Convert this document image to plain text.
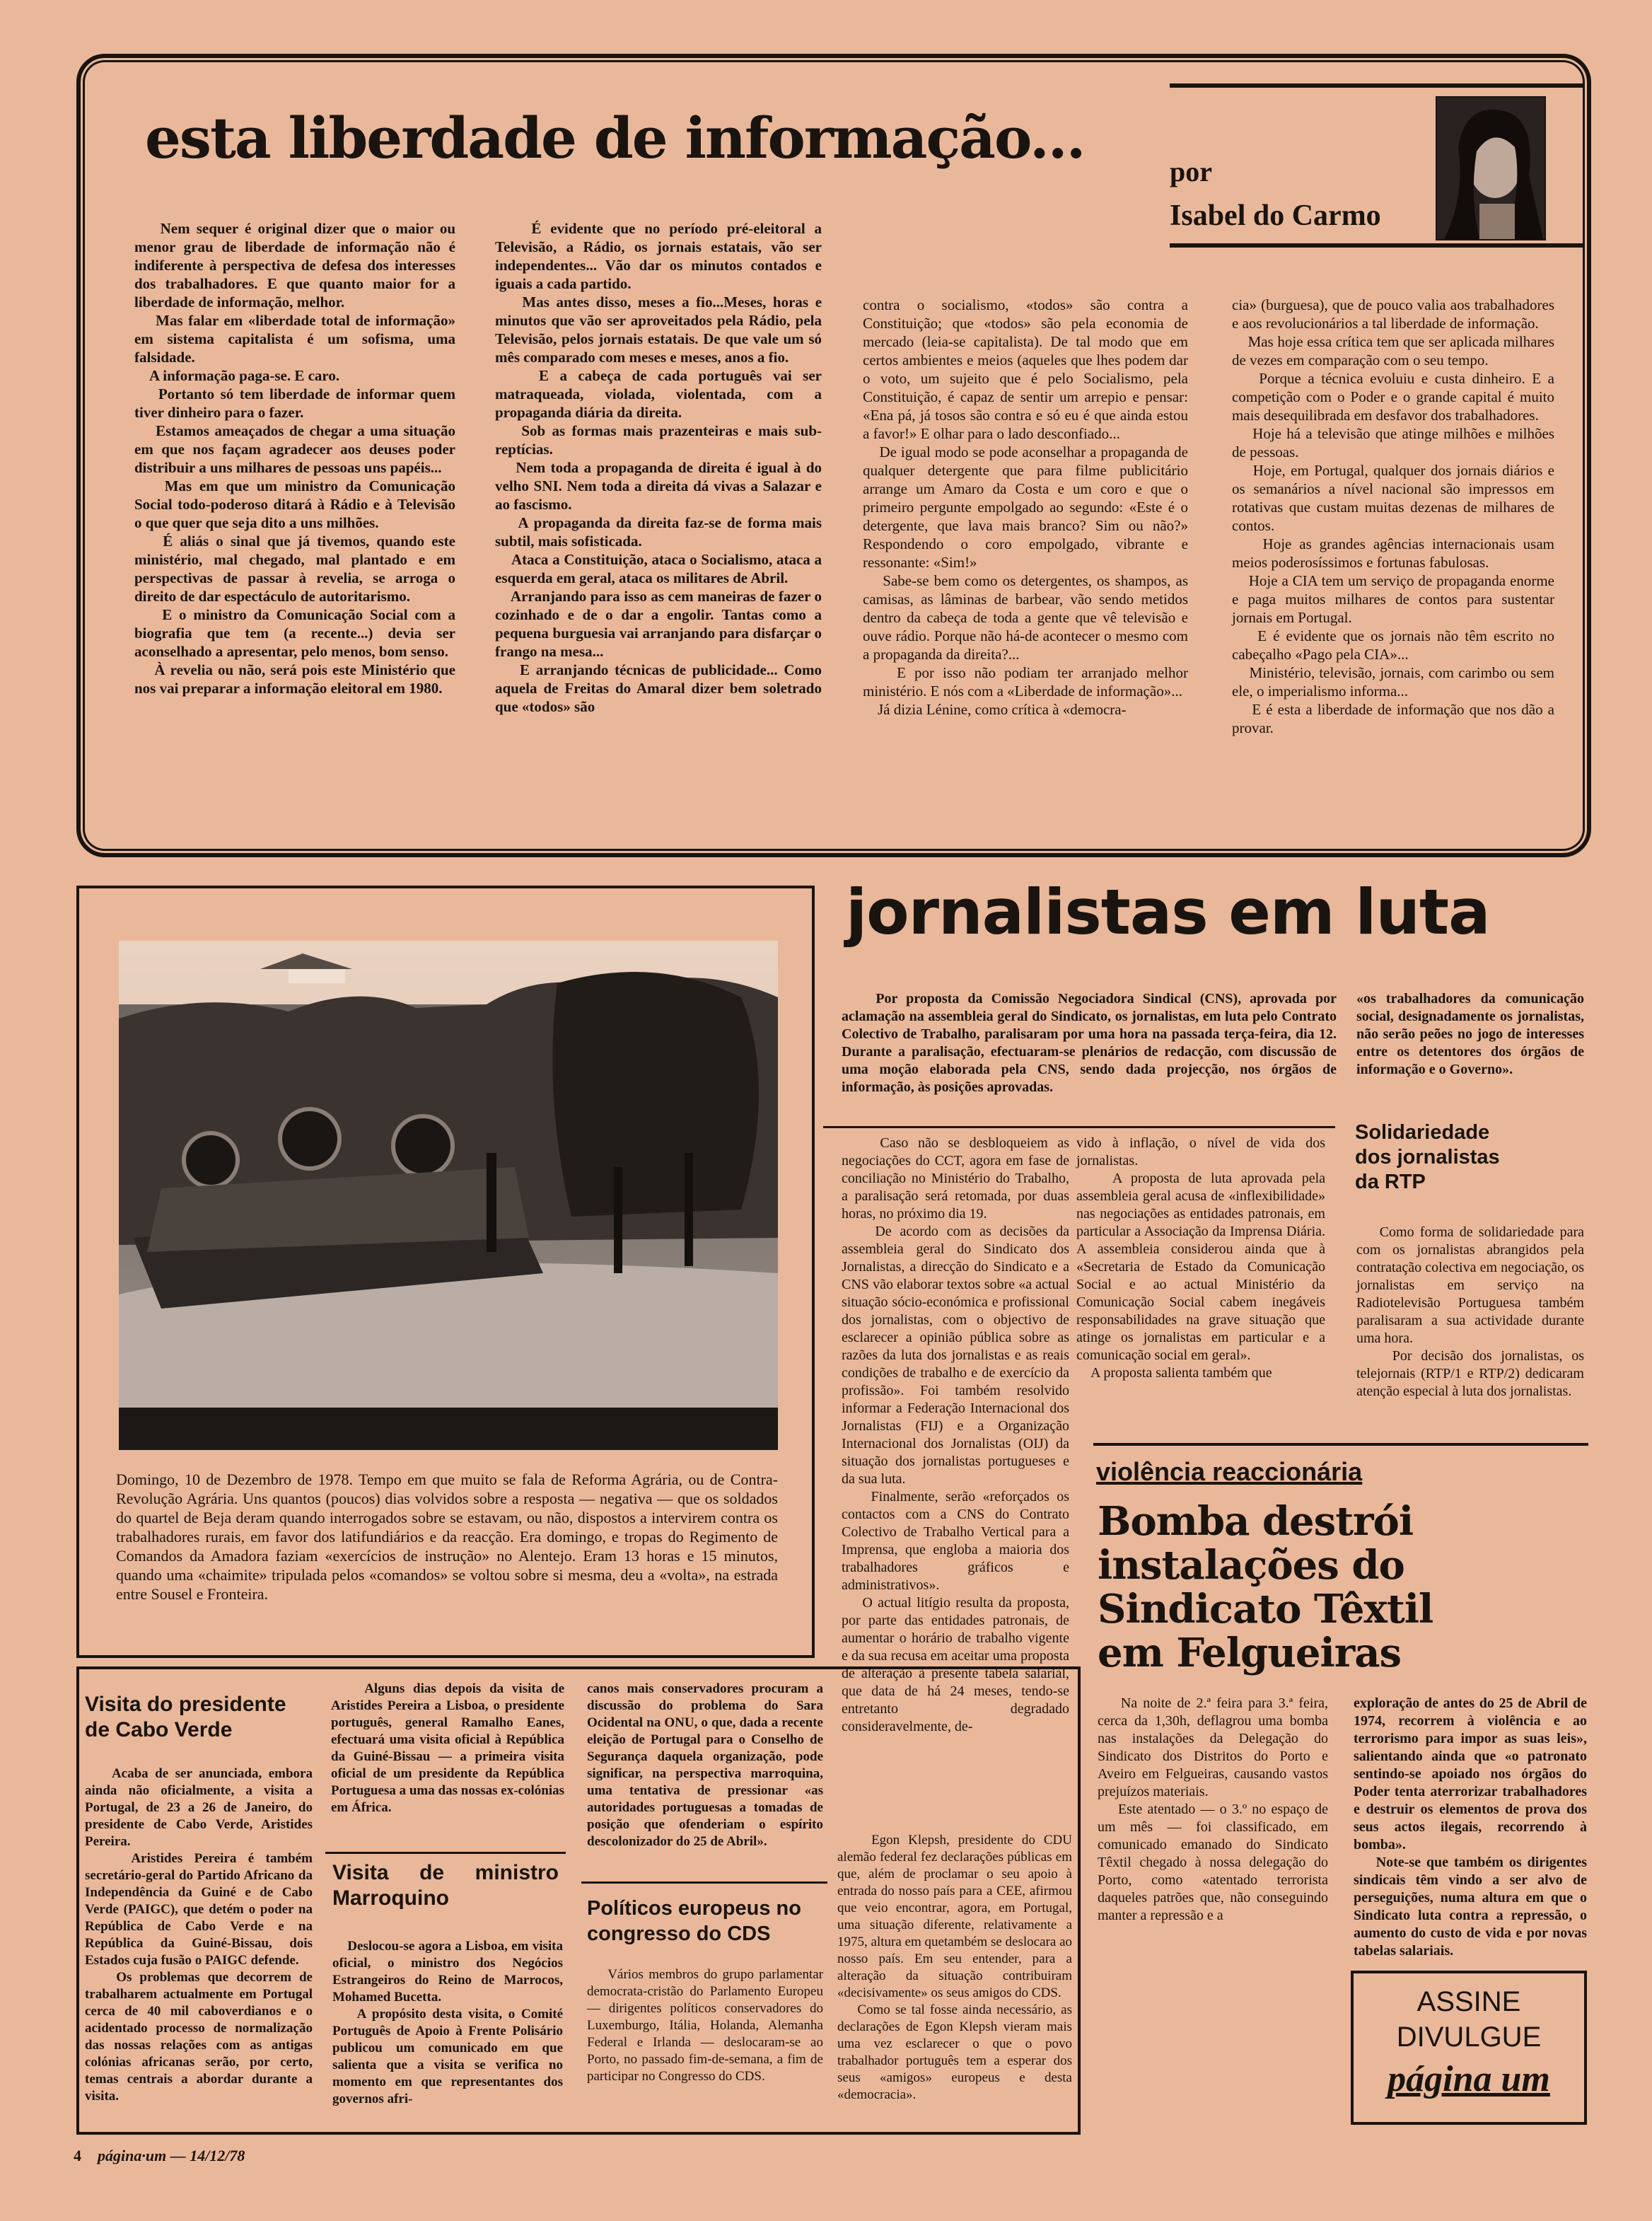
esta liberdade de informação...
por
Isabel do Carmo
Nem sequer é original dizer que o maior ou menor grau de liberdade de informação não é indiferente à perspectiva de defesa dos interesses dos trabalhadores. E que quanto maior for a liberdade de informação, melhor.
Mas falar em «liberdade total de informação» em sistema capitalista é um sofisma, uma falsidade.
A informação paga-se. E caro.
Portanto só tem liberdade de informar quem tiver dinheiro para o fazer.
Estamos ameaçados de chegar a uma situação em que nos façam agradecer aos deuses poder distribuir a uns milhares de pessoas uns papéis...
Mas em que um ministro da Comunicação Social todo-poderoso ditará à Rádio e à Televisão o que quer que seja dito a uns milhões.
É aliás o sinal que já tivemos, quando este ministério, mal chegado, mal plantado e em perspectivas de passar à revelia, se arroga o direito de dar espectáculo de autoritarismo.
E o ministro da Comunicação Social com a biografia que tem (a recente...) devia ser aconselhado a apresentar, pelo menos, bom senso.
À revelia ou não, será pois este Ministério que nos vai preparar a informação eleitoral em 1980.
É evidente que no período pré-eleitoral a Televisão, a Rádio, os jornais estatais, vão ser independentes... Vão dar os minutos contados e iguais a cada partido.
Mas antes disso, meses a fio...Meses, horas e minutos que vão ser aproveitados pela Rádio, pela Televisão, pelos jornais estatais. De que vale um só mês comparado com meses e meses, anos a fio.
E a cabeça de cada português vai ser matraqueada, violada, violentada, com a propaganda diária da direita.
Sob as formas mais prazenteiras e mais sub-reptícias.
Nem toda a propaganda de direita é igual à do velho SNI. Nem toda a direita dá vivas a Salazar e ao fascismo.
A propaganda da direita faz-se de forma mais subtil, mais sofisticada.
Ataca a Constituição, ataca o Socialismo, ataca a esquerda em geral, ataca os militares de Abril.
Arranjando para isso as cem maneiras de fazer o cozinhado e de o dar a engolir. Tantas como a pequena burguesia vai arranjando para disfarçar o frango na mesa...
E arranjando técnicas de publicidade... Como aquela de Freitas do Amaral dizer bem soletrado que «todos» são
contra o socialismo, «todos» são contra a Constituição; que «todos» são pela economia de mercado (leia-se capitalista). De tal modo que em certos ambientes e meios (aqueles que lhes podem dar o voto, um sujeito que é pelo Socialismo, pela Constituição, é capaz de sentir um arrepio e pensar: «Ena pá, já tosos são contra e só eu é que ainda estou a favor!» E olhar para o lado desconfiado...
De igual modo se pode aconselhar a propaganda de qualquer detergente que para filme publicitário arrange um Amaro da Costa e um coro e que o primeiro pergunte empolgado ao segundo: «Este é o detergente, que lava mais branco? Sim ou não?» Respondendo o coro empolgado, vibrante e ressonante: «Sim!»
Sabe-se bem como os detergentes, os shampos, as camisas, as lâminas de barbear, vão sendo metidos dentro da cabeça de toda a gente que vê televisão e ouve rádio. Porque não há-de acontecer o mesmo com a propaganda da direita?...
E por isso não podiam ter arranjado melhor ministério. E nós com a «Liberdade de informação»...
Já dizia Lénine, como crítica à «democra-
cia» (burguesa), que de pouco valia aos trabalhadores e aos revolucionários a tal liberdade de informação.
Mas hoje essa crítica tem que ser aplicada milhares de vezes em comparação com o seu tempo.
Porque a técnica evoluiu e custa dinheiro. E a competição com o Poder e o grande capital é muito mais desequilibrada em desfavor dos trabalhadores.
Hoje há a televisão que atinge milhões e milhões de pessoas.
Hoje, em Portugal, qualquer dos jornais diários e os semanários a nível nacional são impressos em rotativas que custam muitas dezenas de milhares de contos.
Hoje as grandes agências internacionais usam meios poderosíssimos e fortunas fabulosas.
Hoje a CIA tem um serviço de propaganda enorme e paga muitos milhares de contos para sustentar jornais em Portugal.
E é evidente que os jornais não têm escrito no cabeçalho «Pago pela CIA»...
Ministério, televisão, jornais, com carimbo ou sem ele, o imperialismo informa...
E é esta a liberdade de informação que nos dão a provar.
Domingo, 10 de Dezembro de 1978. Tempo em que muito se fala de Reforma Agrária, ou de Contra-Revolução Agrária. Uns quantos (poucos) dias volvidos sobre a resposta — negativa — que os soldados do quartel de Beja deram quando interrogados sobre se estavam, ou não, dispostos a intervirem contra os trabalhadores rurais, em favor dos latifundiários e da reacção. Era domingo, e tropas do Regimento de Comandos da Amadora faziam «exercícios de instrução» no Alentejo. Eram 13 horas e 15 minutos, quando uma «chaimite» tripulada pelos «comandos» se voltou sobre si mesma, deu a «volta», na estrada entre Sousel e Fronteira.
jornalistas em luta
Por proposta da Comissão Negociadora Sindical (CNS), aprovada por aclamação na assembleia geral do Sindicato, os jornalistas, em luta pelo Contrato Colectivo de Trabalho, paralisaram por uma hora na passada terça-feira, dia 12. Durante a paralisação, efectuaram-se plenários de redacção, com discussão de uma moção elaborada pela CNS, sendo dada projecção, nos órgãos de informação, às posições aprovadas.
Caso não se desbloqueiem as negociações do CCT, agora em fase de conciliação no Ministério do Trabalho, a paralisação será retomada, por duas horas, no próximo dia 19.
De acordo com as decisões da assembleia geral do Sindicato dos Jornalistas, a direcção do Sindicato e a CNS vão elaborar textos sobre «a actual situação sócio-económica e profissional dos jornalistas, com o objectivo de esclarecer a opinião pública sobre as razões da luta dos jornalistas e as reais condições de trabalho e de exercício da profissão». Foi também resolvido informar a Federação Internacional dos Jornalistas (FIJ) e a Organização Internacional dos Jornalistas (OIJ) da situação dos jornalistas portugueses e da sua luta.
Finalmente, serão «reforçados os contactos com a CNS do Contrato Colectivo de Trabalho Vertical para a Imprensa, que engloba a maioria dos trabalhadores gráficos e administrativos».
O actual litígio resulta da proposta, por parte das entidades patronais, de aumentar o horário de trabalho vigente e da sua recusa em aceitar uma proposta de alteração à presente tabela salarial, que data de há 24 meses, tendo-se entretanto degradado consideravelmente, de-
vido à inflação, o nível de vida dos jornalistas.
A proposta de luta aprovada pela assembleia geral acusa de «inflexibilidade» nas negociações as entidades patronais, em particular a Associação da Imprensa Diária. A assembleia considerou ainda que à «Secretaria de Estado da Comunicação Social e ao actual Ministério da Comunicação Social cabem inegáveis responsabilidades na grave situação que atinge os jornalistas em particular e a comunicação social em geral».
A proposta salienta também que
«os trabalhadores da comunicação social, designadamente os jornalistas, não serão peões no jogo de interesses entre os detentores dos órgãos de informação e o Governo».
Solidariedade dos jornalistas da RTP
Como forma de solidariedade para com os jornalistas abrangidos pela contratação colectiva em negociação, os jornalistas em serviço na Radiotelevisão Portuguesa também paralisaram a sua actividade durante uma hora.
Por decisão dos jornalistas, os telejornais (RTP/1 e RTP/2) dedicaram atenção especial à luta dos jornalistas.
violência reaccionária
Bomba destrói instalações do Sindicato Têxtil em Felgueiras
Na noite de 2.ª feira para 3.ª feira, cerca da 1,30h, deflagrou uma bomba nas instalações da Delegação do Sindicato dos Distritos do Porto e Aveiro em Felgueiras, causando vastos prejuízos materiais.
Este atentado — o 3.º no espaço de um mês — foi classificado, em comunicado emanado do Sindicato Têxtil chegado à nossa delegação do Porto, como «atentado terrorista daqueles patrões que, não conseguindo manter a repressão e a
exploração de antes do 25 de Abril de 1974, recorrem à violência e ao terrorismo para impor as suas leis», salientando ainda que «o patronato sentindo-se apoiado nos órgãos do Poder tenta aterrorizar trabalhadores e destruir os elementos de prova dos seus actos ilegais, recorrendo à bomba».
Note-se que também os dirigentes sindicais têm vindo a ser alvo de perseguições, numa altura em que o Sindicato luta contra a repressão, o aumento do custo de vida e por novas tabelas salariais.
Visita do presidente de Cabo Verde
Acaba de ser anunciada, embora ainda não oficialmente, a visita a Portugal, de 23 a 26 de Janeiro, do presidente de Cabo Verde, Aristides Pereira.
Aristides Pereira é também secretário-geral do Partido Africano da Independência da Guiné e de Cabo Verde (PAIGC), que detém o poder na República de Cabo Verde e na República da Guiné-Bissau, dois Estados cuja fusão o PAIGC defende.
Os problemas que decorrem de trabalharem actualmente em Portugal cerca de 40 mil caboverdianos e o acidentado processo de normalização das nossas relações com as antigas colónias africanas serão, por certo, temas centrais a abordar durante a visita.
Alguns dias depois da visita de Aristides Pereira a Lisboa, o presidente português, general Ramalho Eanes, efectuará uma visita oficial à República da Guiné-Bissau — a primeira visita oficial de um presidente da República Portuguesa a uma das nossas ex-colónias em África.
Visita de ministro Marroquino
Deslocou-se agora a Lisboa, em visita oficial, o ministro dos Negócios Estrangeiros do Reino de Marrocos, Mohamed Bucetta.
A propósito desta visita, o Comité Português de Apoio à Frente Polisário publicou um comunicado em que salienta que a visita se verifica no momento em que representantes dos governos afri-
canos mais conservadores procuram a discussão do problema do Sara Ocidental na ONU, o que, dada a recente eleição de Portugal para o Conselho de Segurança daquela organização, pode significar, na perspectiva marroquina, uma tentativa de pressionar «as autoridades portuguesas a tomadas de posição que ofenderiam o espírito descolonizador do 25 de Abril».
Políticos europeus no congresso do CDS
Vários membros do grupo parlamentar democrata-cristão do Parlamento Europeu — dirigentes políticos conservadores do Luxemburgo, Itália, Holanda, Alemanha Federal e Irlanda — deslocaram-se ao Porto, no passado fim-de-semana, a fim de participar no Congresso do CDS.
Egon Klepsh, presidente do CDU alemão federal fez declarações públicas em que, além de proclamar o seu apoio à entrada do nosso país para a CEE, afirmou que veio encontrar, agora, em Portugal, uma situação diferente, relativamente a 1975, altura em quetambém se deslocara ao nosso país. Em seu entender, para a alteração da situação contribuiram «decisivamente» os seus amigos do CDS.
Como se tal fosse ainda necessário, as declarações de Egon Klepsh vieram mais uma vez esclarecer o que o povo trabalhador português tem a esperar dos seus «amigos» europeus e desta «democracia».
ASSINE
DIVULGUE
página um
4 página·um — 14/12/78
